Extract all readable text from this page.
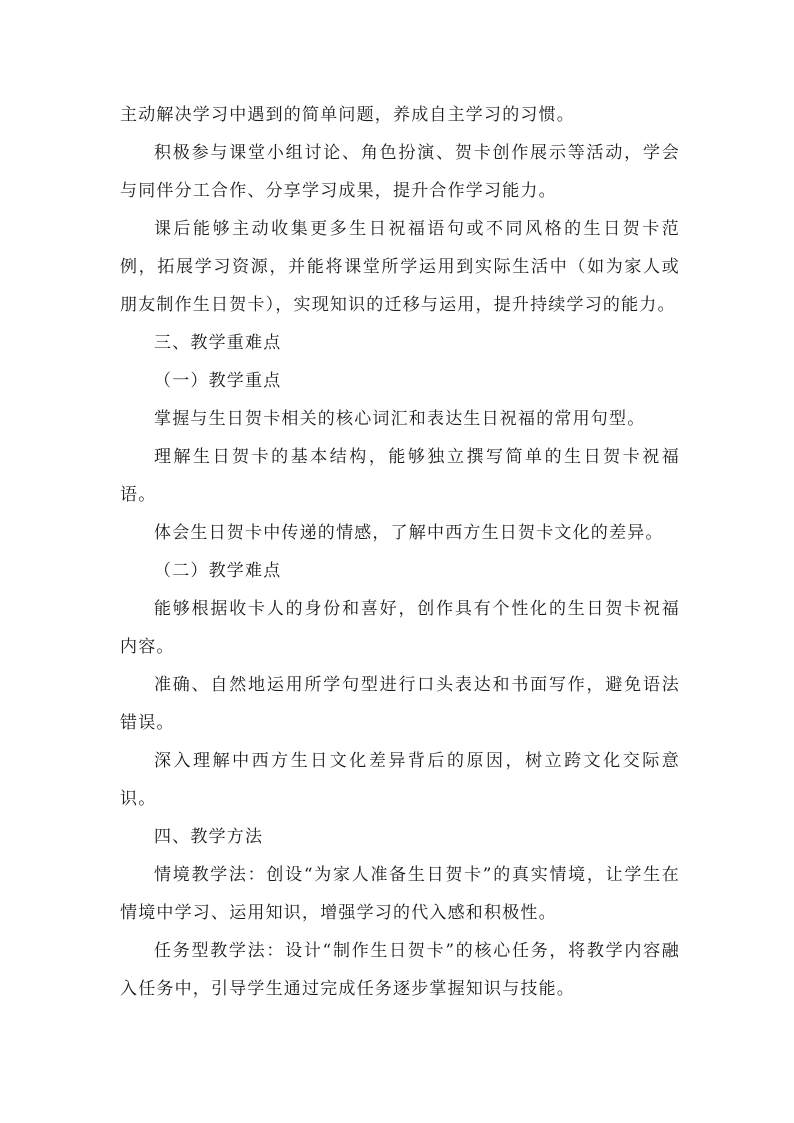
主动解决学习中遇到的简单问题，养成自主学习的习惯。

积极参与课堂小组讨论、角色扮演、贺卡创作展示等活动，学会与同伴分工合作、分享学习成果，提升合作学习能力。

课后能够主动收集更多生日祝福语句或不同风格的生日贺卡范例，拓展学习资源，并能将课堂所学运用到实际生活中（如为家人或朋友制作生日贺卡），实现知识的迁移与运用，提升持续学习的能力。

三、教学重难点

（一）教学重点

掌握与生日贺卡相关的核心词汇和表达生日祝福的常用句型。

理解生日贺卡的基本结构，能够独立撰写简单的生日贺卡祝福语。

体会生日贺卡中传递的情感，了解中西方生日贺卡文化的差异。

（二）教学难点

能够根据收卡人的身份和喜好，创作具有个性化的生日贺卡祝福内容。

准确、自然地运用所学句型进行口头表达和书面写作，避免语法错误。

深入理解中西方生日文化差异背后的原因，树立跨文化交际意识。

四、教学方法

情境教学法：创设“为家人准备生日贺卡”的真实情境，让学生在情境中学习、运用知识，增强学习的代入感和积极性。

任务型教学法：设计“制作生日贺卡”的核心任务，将教学内容融入任务中，引导学生通过完成任务逐步掌握知识与技能。
